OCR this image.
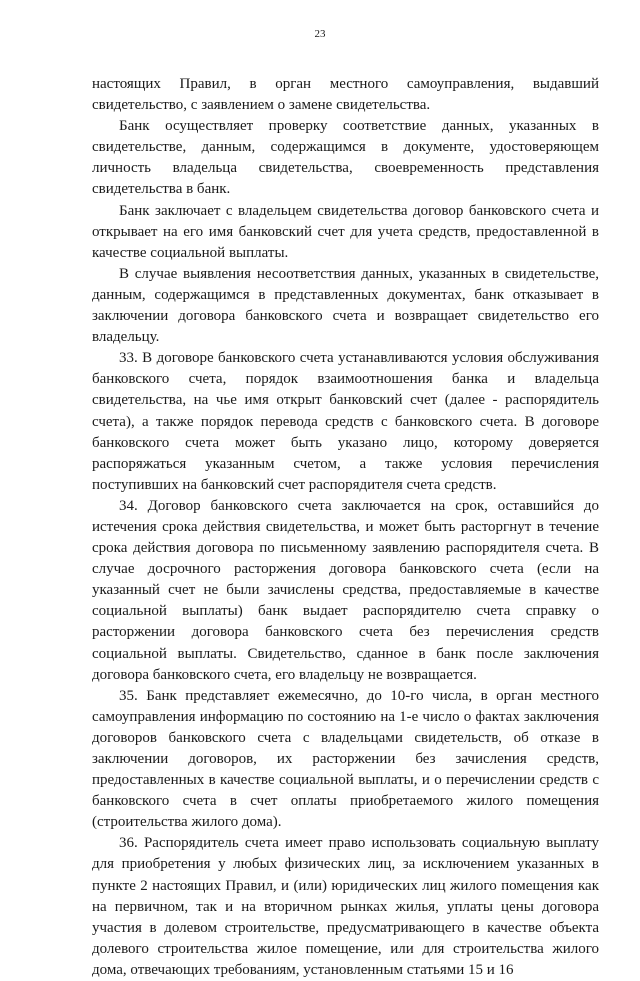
23

настоящих Правил, в орган местного самоуправления, выдавший свидетельство, с заявлением о замене свидетельства.

Банк осуществляет проверку соответствие данных, указанных в свидетельстве, данным, содержащимся в документе, удостоверяющем личность владельца свидетельства, своевременность представления свидетельства в банк.

Банк заключает с владельцем свидетельства договор банковского счета и открывает на его имя банковский счет для учета средств, предоставленной в качестве социальной выплаты.

В случае выявления несоответствия данных, указанных в свидетельстве, данным, содержащимся в представленных документах, банк отказывает в заключении договора банковского счета и возвращает свидетельство его владельцу.

33. В договоре банковского счета устанавливаются условия обслуживания банковского счета, порядок взаимоотношения банка и владельца свидетельства, на чье имя открыт банковский счет (далее - распорядитель счета), а также порядок перевода средств с банковского счета. В договоре банковского счета может быть указано лицо, которому доверяется распоряжаться указанным счетом, а также условия перечисления поступивших на банковский счет распорядителя счета средств.

34. Договор банковского счета заключается на срок, оставшийся до истечения срока действия свидетельства, и может быть расторгнут в течение срока действия договора по письменному заявлению распорядителя счета. В случае досрочного расторжения договора банковского счета (если на указанный счет не были зачислены средства, предоставляемые в качестве социальной выплаты) банк выдает распорядителю счета справку о расторжении договора банковского счета без перечисления средств социальной выплаты. Свидетельство, сданное в банк после заключения договора банковского счета, его владельцу не возвращается.

35. Банк представляет ежемесячно, до 10-го числа, в орган местного самоуправления информацию по состоянию на 1-е число о фактах заключения договоров банковского счета с владельцами свидетельств, об отказе в заключении договоров, их расторжении без зачисления средств, предоставленных в качестве социальной выплаты, и о перечислении средств с банковского счета в счет оплаты приобретаемого жилого помещения (строительства жилого дома).

36. Распорядитель счета имеет право использовать социальную выплату для приобретения у любых физических лиц, за исключением указанных в пункте 2 настоящих Правил, и (или) юридических лиц жилого помещения как на первичном, так и на вторичном рынках жилья, уплаты цены договора участия в долевом строительстве, предусматривающего в качестве объекта долевого строительства жилое помещение, или для строительства жилого дома, отвечающих требованиям, установленным статьями 15 и 16
